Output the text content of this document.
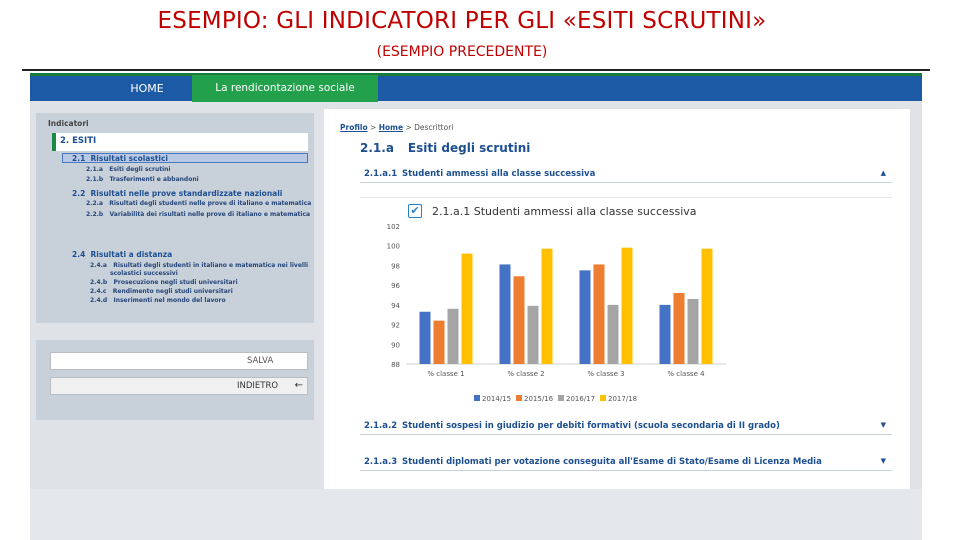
ESEMPIO: GLI INDICATORI PER GLI «ESITI SCRUTINI»
(ESEMPIO PRECEDENTE)
HOME	La rendicontazione sociale
Indicatori
2. ESITI
2.1 Risultati scolastici
2.1.a Esiti degli scrutini
2.1.b Trasferimenti e abbandoni
2.2 Risultati nelle prove standardizzate nazionali
2.2.a Risultati degli studenti nelle prove di italiano e matematica
2.2.b Variabilità dei risultati nelle prove di italiano e matematica
2.4 Risultati a distanza
2.4.a Risultati degli studenti in italiano e matematica nei livelli
scolastici successivi
2.4.b Prosecuzione negli studi universitari
2.4.c Rendimento negli studi universitari
2.4.d Inserimenti nel mondo del lavoro
SALVA
INDIETRO ←
Profilo > Home > Descrittori
2.1.a Esiti degli scrutini
2.1.a.1 Studenti ammessi alla classe successiva	▲
✔ 2.1.a.1 Studenti ammessi alla classe successiva
88
90
92
94
96
98
100
102
% classe 1	% classe 2	% classe 3	% classe 4
2014/15 2015/16 2016/17 2017/18
2.1.a.2 Studenti sospesi in giudizio per debiti formativi (scuola secondaria di II grado)	▼
2.1.a.3 Studenti diplomati per votazione conseguita all'Esame di Stato/Esame di Licenza Media	▼
